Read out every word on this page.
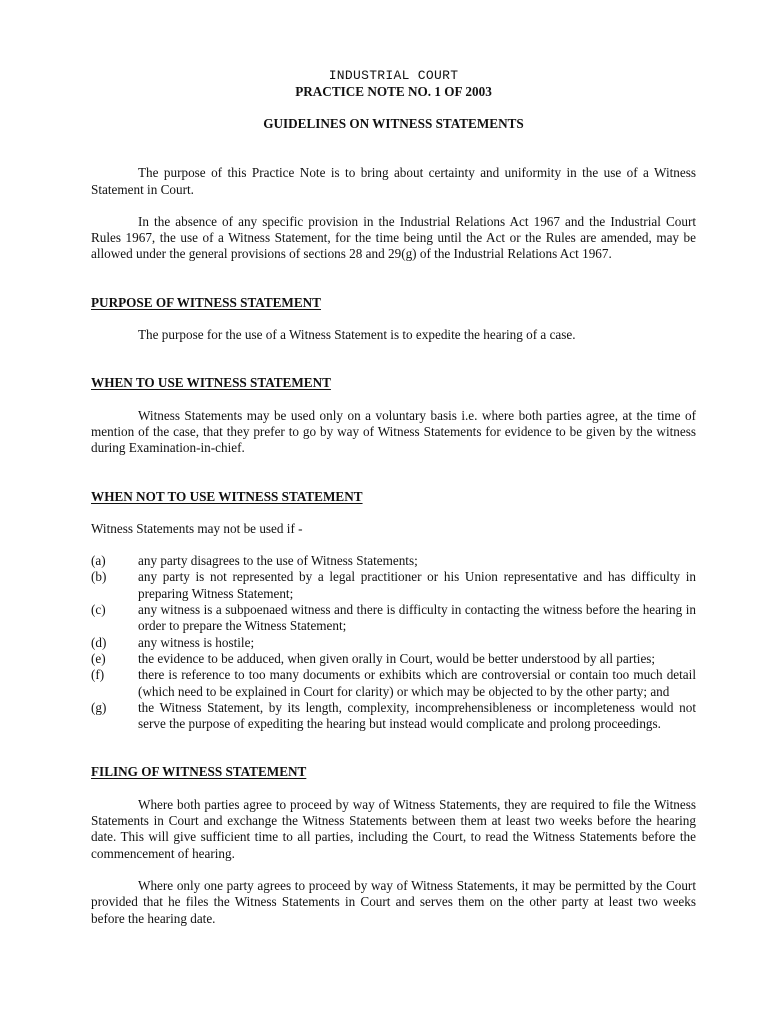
INDUSTRIAL COURT
PRACTICE NOTE NO. 1 OF 2003
GUIDELINES ON WITNESS STATEMENTS

The purpose of this Practice Note is to bring about certainty and uniformity in the use of a Witness Statement in Court.

In the absence of any specific provision in the Industrial Relations Act 1967 and the Industrial Court Rules 1967, the use of a Witness Statement, for the time being until the Act or the Rules are amended, may be allowed under the general provisions of sections 28 and 29(g) of the Industrial Relations Act 1967.

PURPOSE OF WITNESS STATEMENT

The purpose for the use of a Witness Statement is to expedite the hearing of a case.

WHEN TO USE WITNESS STATEMENT

Witness Statements may be used only on a voluntary basis i.e. where both parties agree, at the time of mention of the case, that they prefer to go by way of Witness Statements for evidence to be given by the witness during Examination-in-chief.

WHEN NOT TO USE WITNESS STATEMENT

Witness Statements may not be used if -

(a)	any party disagrees to the use of Witness Statements;
(b)	any party is not represented by a legal practitioner or his Union representative and has difficulty in preparing Witness Statement;
(c)	any witness is a subpoenaed witness and there is difficulty in contacting the witness before the hearing in order to prepare the Witness Statement;
(d)	any witness is hostile;
(e)	the evidence to be adduced, when given orally in Court, would be better understood by all parties;
(f)	there is reference to too many documents or exhibits which are controversial or contain too much detail (which need to be explained in Court for clarity) or which may be objected to by the other party; and
(g)	the Witness Statement, by its length, complexity, incomprehensibleness or incompleteness would not serve the purpose of expediting the hearing but instead would complicate and prolong proceedings.
FILING OF WITNESS STATEMENT

Where both parties agree to proceed by way of Witness Statements, they are required to file the Witness Statements in Court and exchange the Witness Statements between them at least two weeks before the hearing date. This will give sufficient time to all parties, including the Court, to read the Witness Statements before the commencement of hearing.

Where only one party agrees to proceed by way of Witness Statements, it may be permitted by the Court provided that he files the Witness Statements in Court and serves them on the other party at least two weeks before the hearing date.
